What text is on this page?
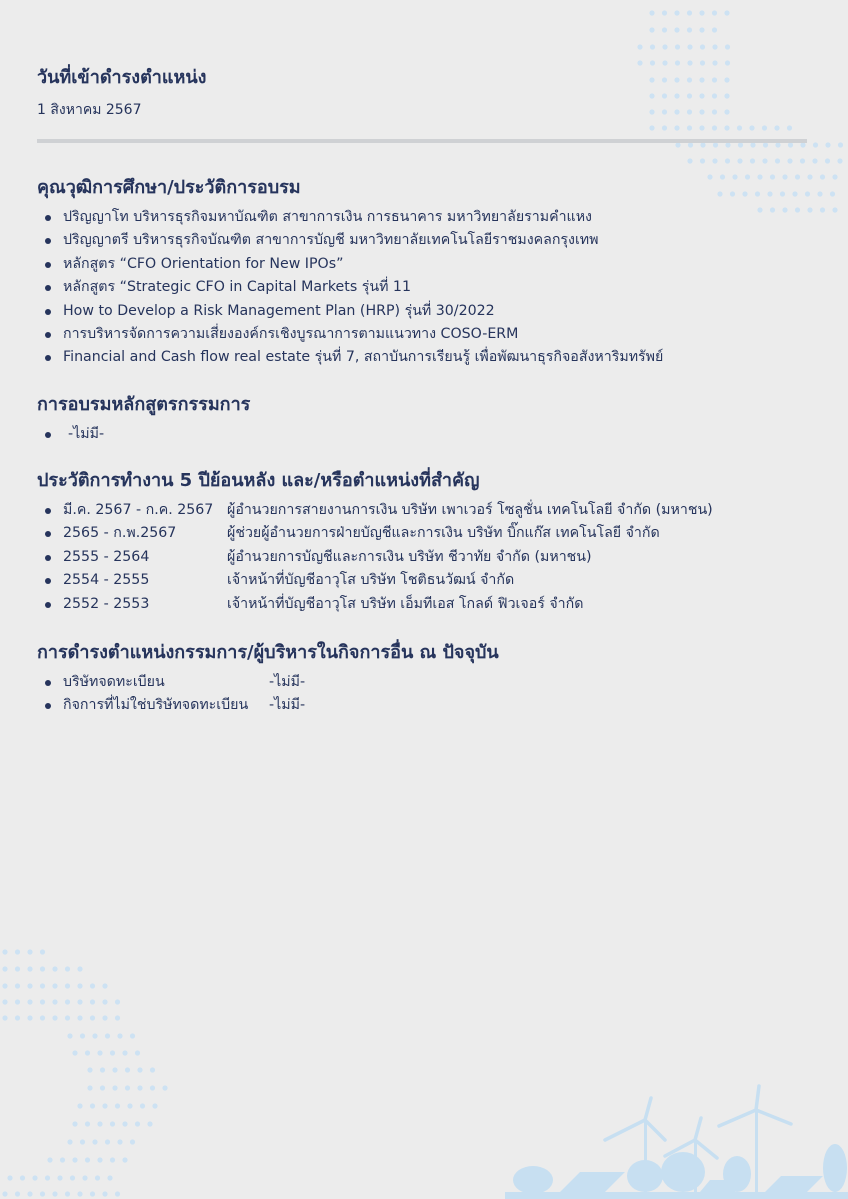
วันที่เข้าดำรงตำแหน่ง
1 สิงหาคม 2567
คุณวุฒิการศึกษา/ประวัติการอบรม
ปริญญาโท บริหารธุรกิจมหาบัณฑิต สาขาการเงิน การธนาคาร มหาวิทยาลัยรามคำแหง
ปริญญาตรี บริหารธุรกิจบัณฑิต สาขาการบัญชี มหาวิทยาลัยเทคโนโลยีราชมงคลกรุงเทพ
หลักสูตร “CFO Orientation for New IPOs”
หลักสูตร “Strategic CFO in Capital Markets รุ่นที่ 11
How to Develop a Risk Management Plan (HRP) รุ่นที่ 30/2022
การบริหารจัดการความเสี่ยงองค์กรเชิงบูรณาการตามแนวทาง COSO-ERM
Financial and Cash flow real estate รุ่นที่ 7, สถาบันการเรียนรู้ เพื่อพัฒนาธุรกิจอสังหาริมทรัพย์
การอบรมหลักสูตรกรรมการ
-ไม่มี-
ประวัติการทำงาน 5 ปีย้อนหลัง และ/หรือตำแหน่งที่สำคัญ
มี.ค. 2567 - ก.ค. 2567 ผู้อำนวยการสายงานการเงิน บริษัท เพาเวอร์ โซลูชั่น เทคโนโลยี จำกัด (มหาชน)
2565 - ก.พ.2567	ผู้ช่วยผู้อำนวยการฝ่ายบัญชีและการเงิน บริษัท บิ๊กแก๊ส เทคโนโลยี จำกัด
2555 - 2564	ผู้อำนวยการบัญชีและการเงิน บริษัท ชีวาทัย จำกัด (มหาชน)
2554 - 2555	เจ้าหน้าที่บัญชีอาวุโส บริษัท โชติธนวัฒน์ จำกัด
2552 - 2553	เจ้าหน้าที่บัญชีอาวุโส บริษัท เอ็มทีเอส โกลด์ ฟิวเจอร์ จำกัด
การดำรงตำแหน่งกรรมการ/ผู้บริหารในกิจการอื่น ณ ปัจจุบัน
บริษัทจดทะเบียน	-ไม่มี-
กิจการที่ไม่ใช่บริษัทจดทะเบียน -ไม่มี-
